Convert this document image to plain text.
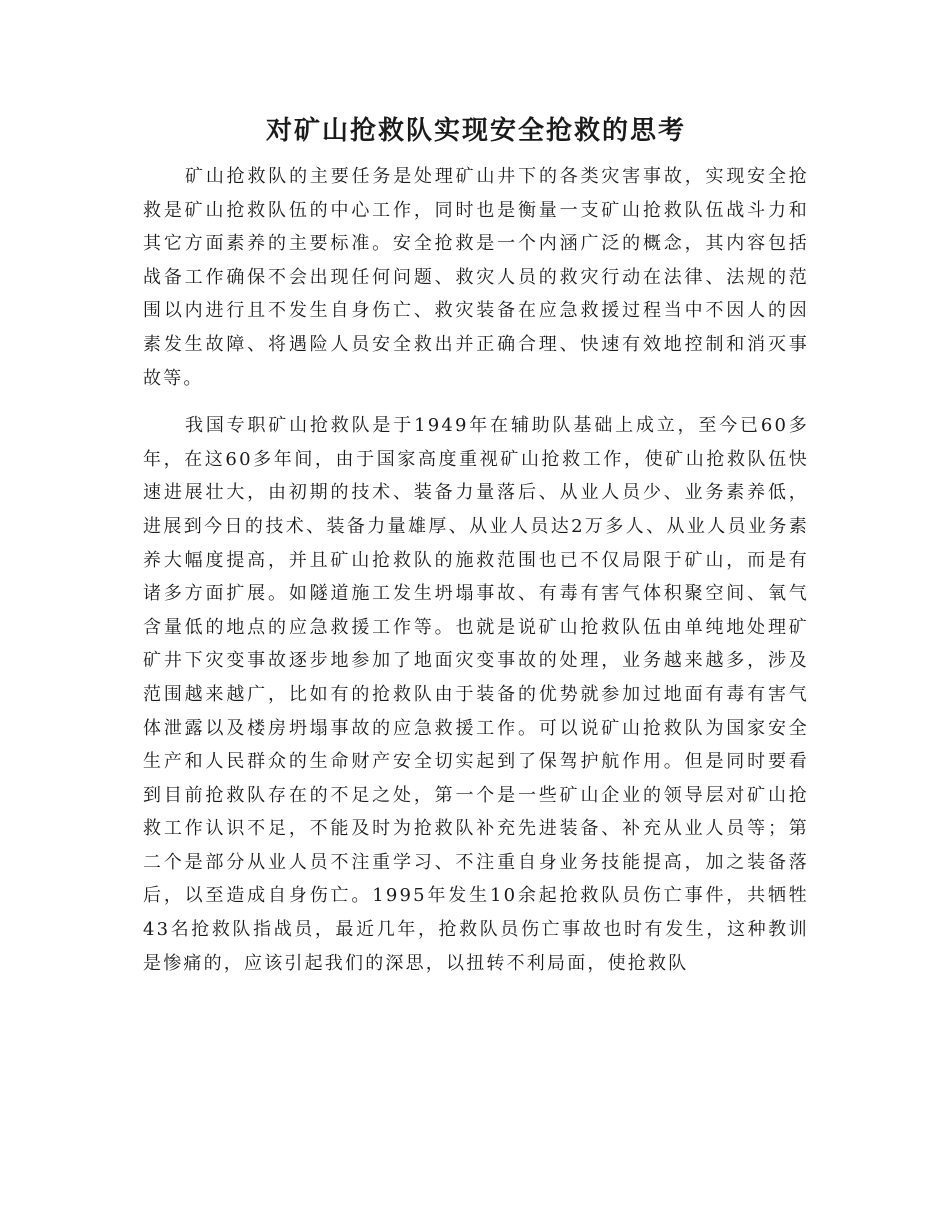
对矿山抢救队实现安全抢救的思考

矿山抢救队的主要任务是处理矿山井下的各类灾害事故，实现安全抢救是矿山抢救队伍的中心工作，同时也是衡量一支矿山抢救队伍战斗力和其它方面素养的主要标准。安全抢救是一个内涵广泛的概念，其内容包括战备工作确保不会出现任何问题、救灾人员的救灾行动在法律、法规的范围以内进行且不发生自身伤亡、救灾装备在应急救援过程当中不因人的因素发生故障、将遇险人员安全救出并正确合理、快速有效地控制和消灭事故等。

我国专职矿山抢救队是于1949年在辅助队基础上成立，至今已60多年，在这60多年间，由于国家高度重视矿山抢救工作，使矿山抢救队伍快速进展壮大，由初期的技术、装备力量落后、从业人员少、业务素养低，进展到今日的技术、装备力量雄厚、从业人员达2万多人、从业人员业务素养大幅度提高，并且矿山抢救队的施救范围也已不仅局限于矿山，而是有诸多方面扩展。如隧道施工发生坍塌事故、有毒有害气体积聚空间、氧气含量低的地点的应急救援工作等。也就是说矿山抢救队伍由单纯地处理矿矿井下灾变事故逐步地参加了地面灾变事故的处理，业务越来越多，涉及范围越来越广，比如有的抢救队由于装备的优势就参加过地面有毒有害气体泄露以及楼房坍塌事故的应急救援工作。可以说矿山抢救队为国家安全生产和人民群众的生命财产安全切实起到了保驾护航作用。但是同时要看到目前抢救队存在的不足之处，第一个是一些矿山企业的领导层对矿山抢救工作认识不足，不能及时为抢救队补充先进装备、补充从业人员等；第二个是部分从业人员不注重学习、不注重自身业务技能提高，加之装备落后，以至造成自身伤亡。1995年发生10余起抢救队员伤亡事件，共牺牲43名抢救队指战员，最近几年，抢救队员伤亡事故也时有发生，这种教训是惨痛的，应该引起我们的深思，以扭转不利局面，使抢救队
